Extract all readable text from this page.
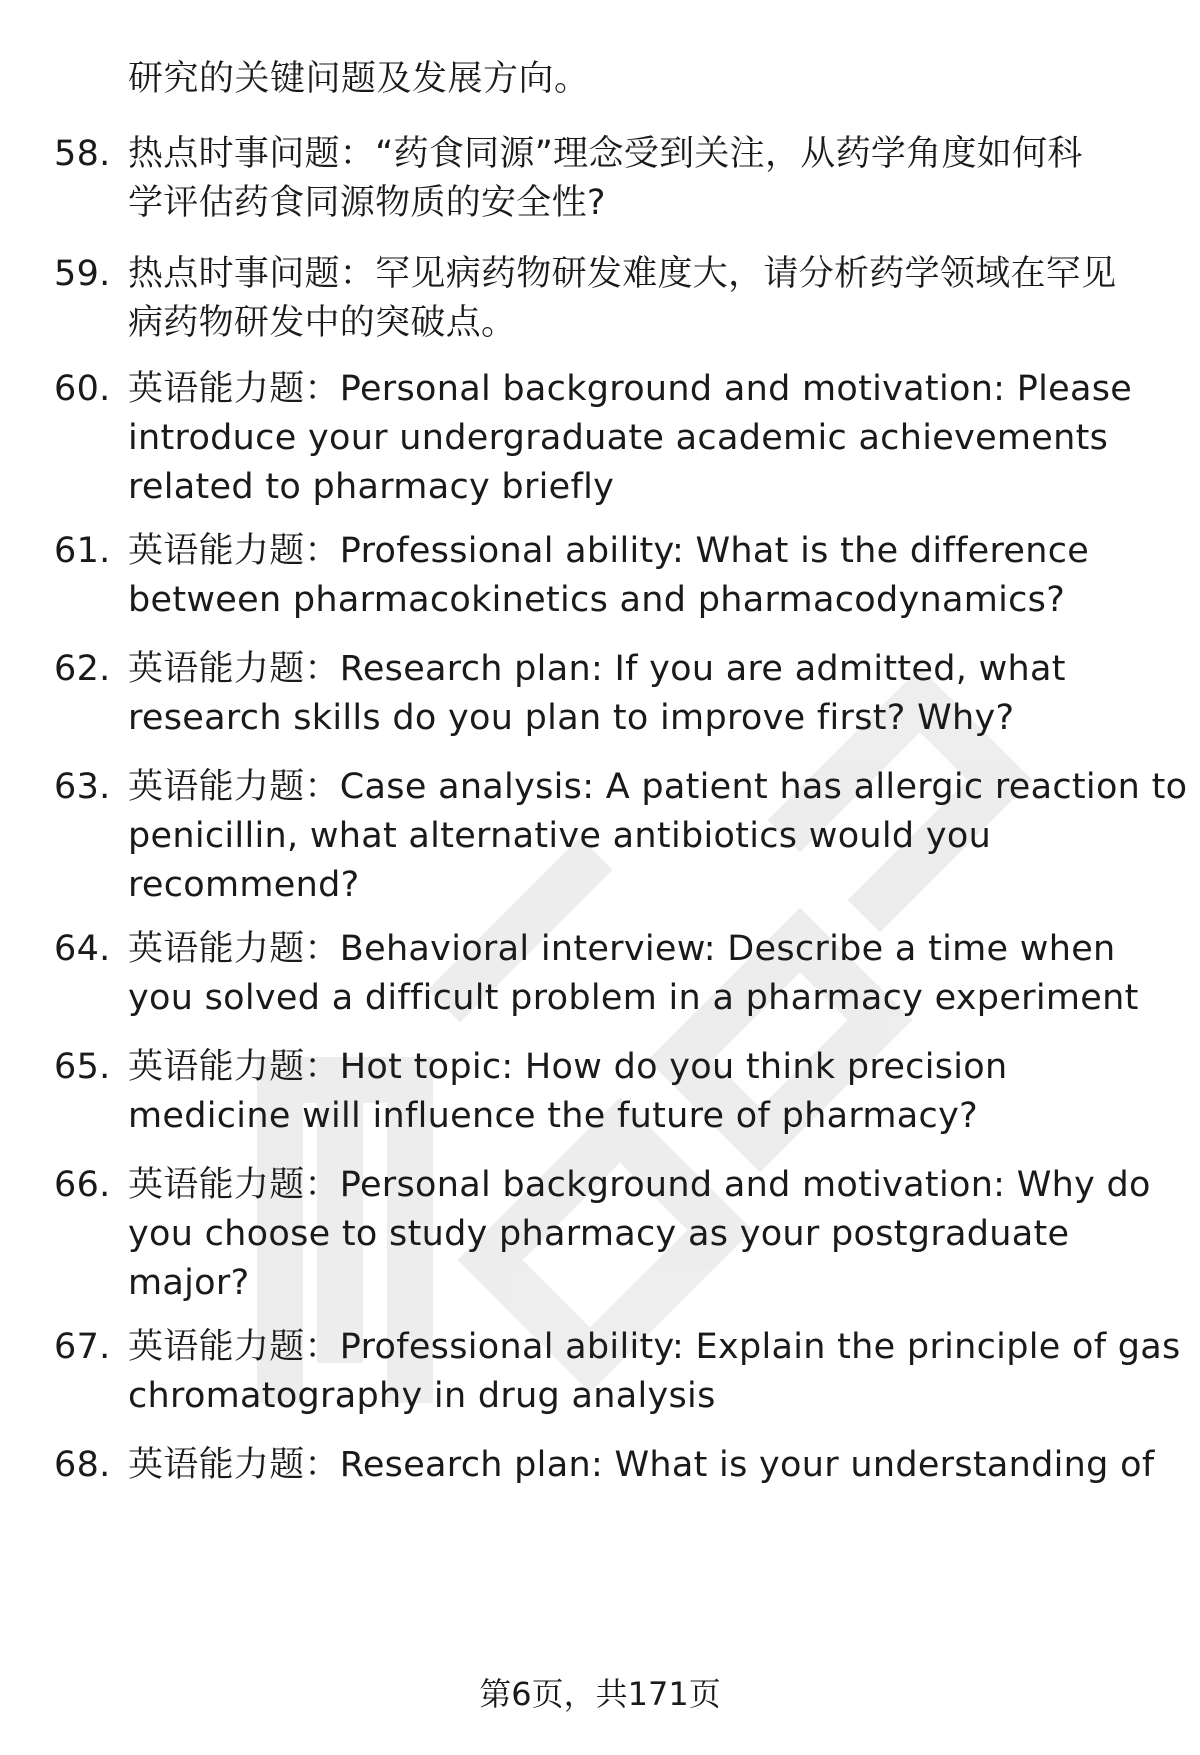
研究的关键问题及发展方向。
58. 热点时事问题：“药食同源”理念受到关注，从药学角度如何科
学评估药食同源物质的安全性?
59. 热点时事问题：罕见病药物研发难度大，请分析药学领域在罕见
病药物研发中的突破点。
60. 英语能力题：Personal background and motivation: Please
introduce your undergraduate academic achievements
related to pharmacy briefly
61. 英语能力题：Professional ability: What is the difference
between pharmacokinetics and pharmacodynamics?
62. 英语能力题：Research plan: If you are admitted, what
research skills do you plan to improve first? Why?
63. 英语能力题：Case analysis: A patient has allergic reaction to
penicillin, what alternative antibiotics would you
recommend?
64. 英语能力题：Behavioral interview: Describe a time when
you solved a difficult problem in a pharmacy experiment
65. 英语能力题：Hot topic: How do you think precision
medicine will influence the future of pharmacy?
66. 英语能力题：Personal background and motivation: Why do
you choose to study pharmacy as your postgraduate
major?
67. 英语能力题：Professional ability: Explain the principle of gas
chromatography in drug analysis
68. 英语能力题：Research plan: What is your understanding of
第6页，共171页
